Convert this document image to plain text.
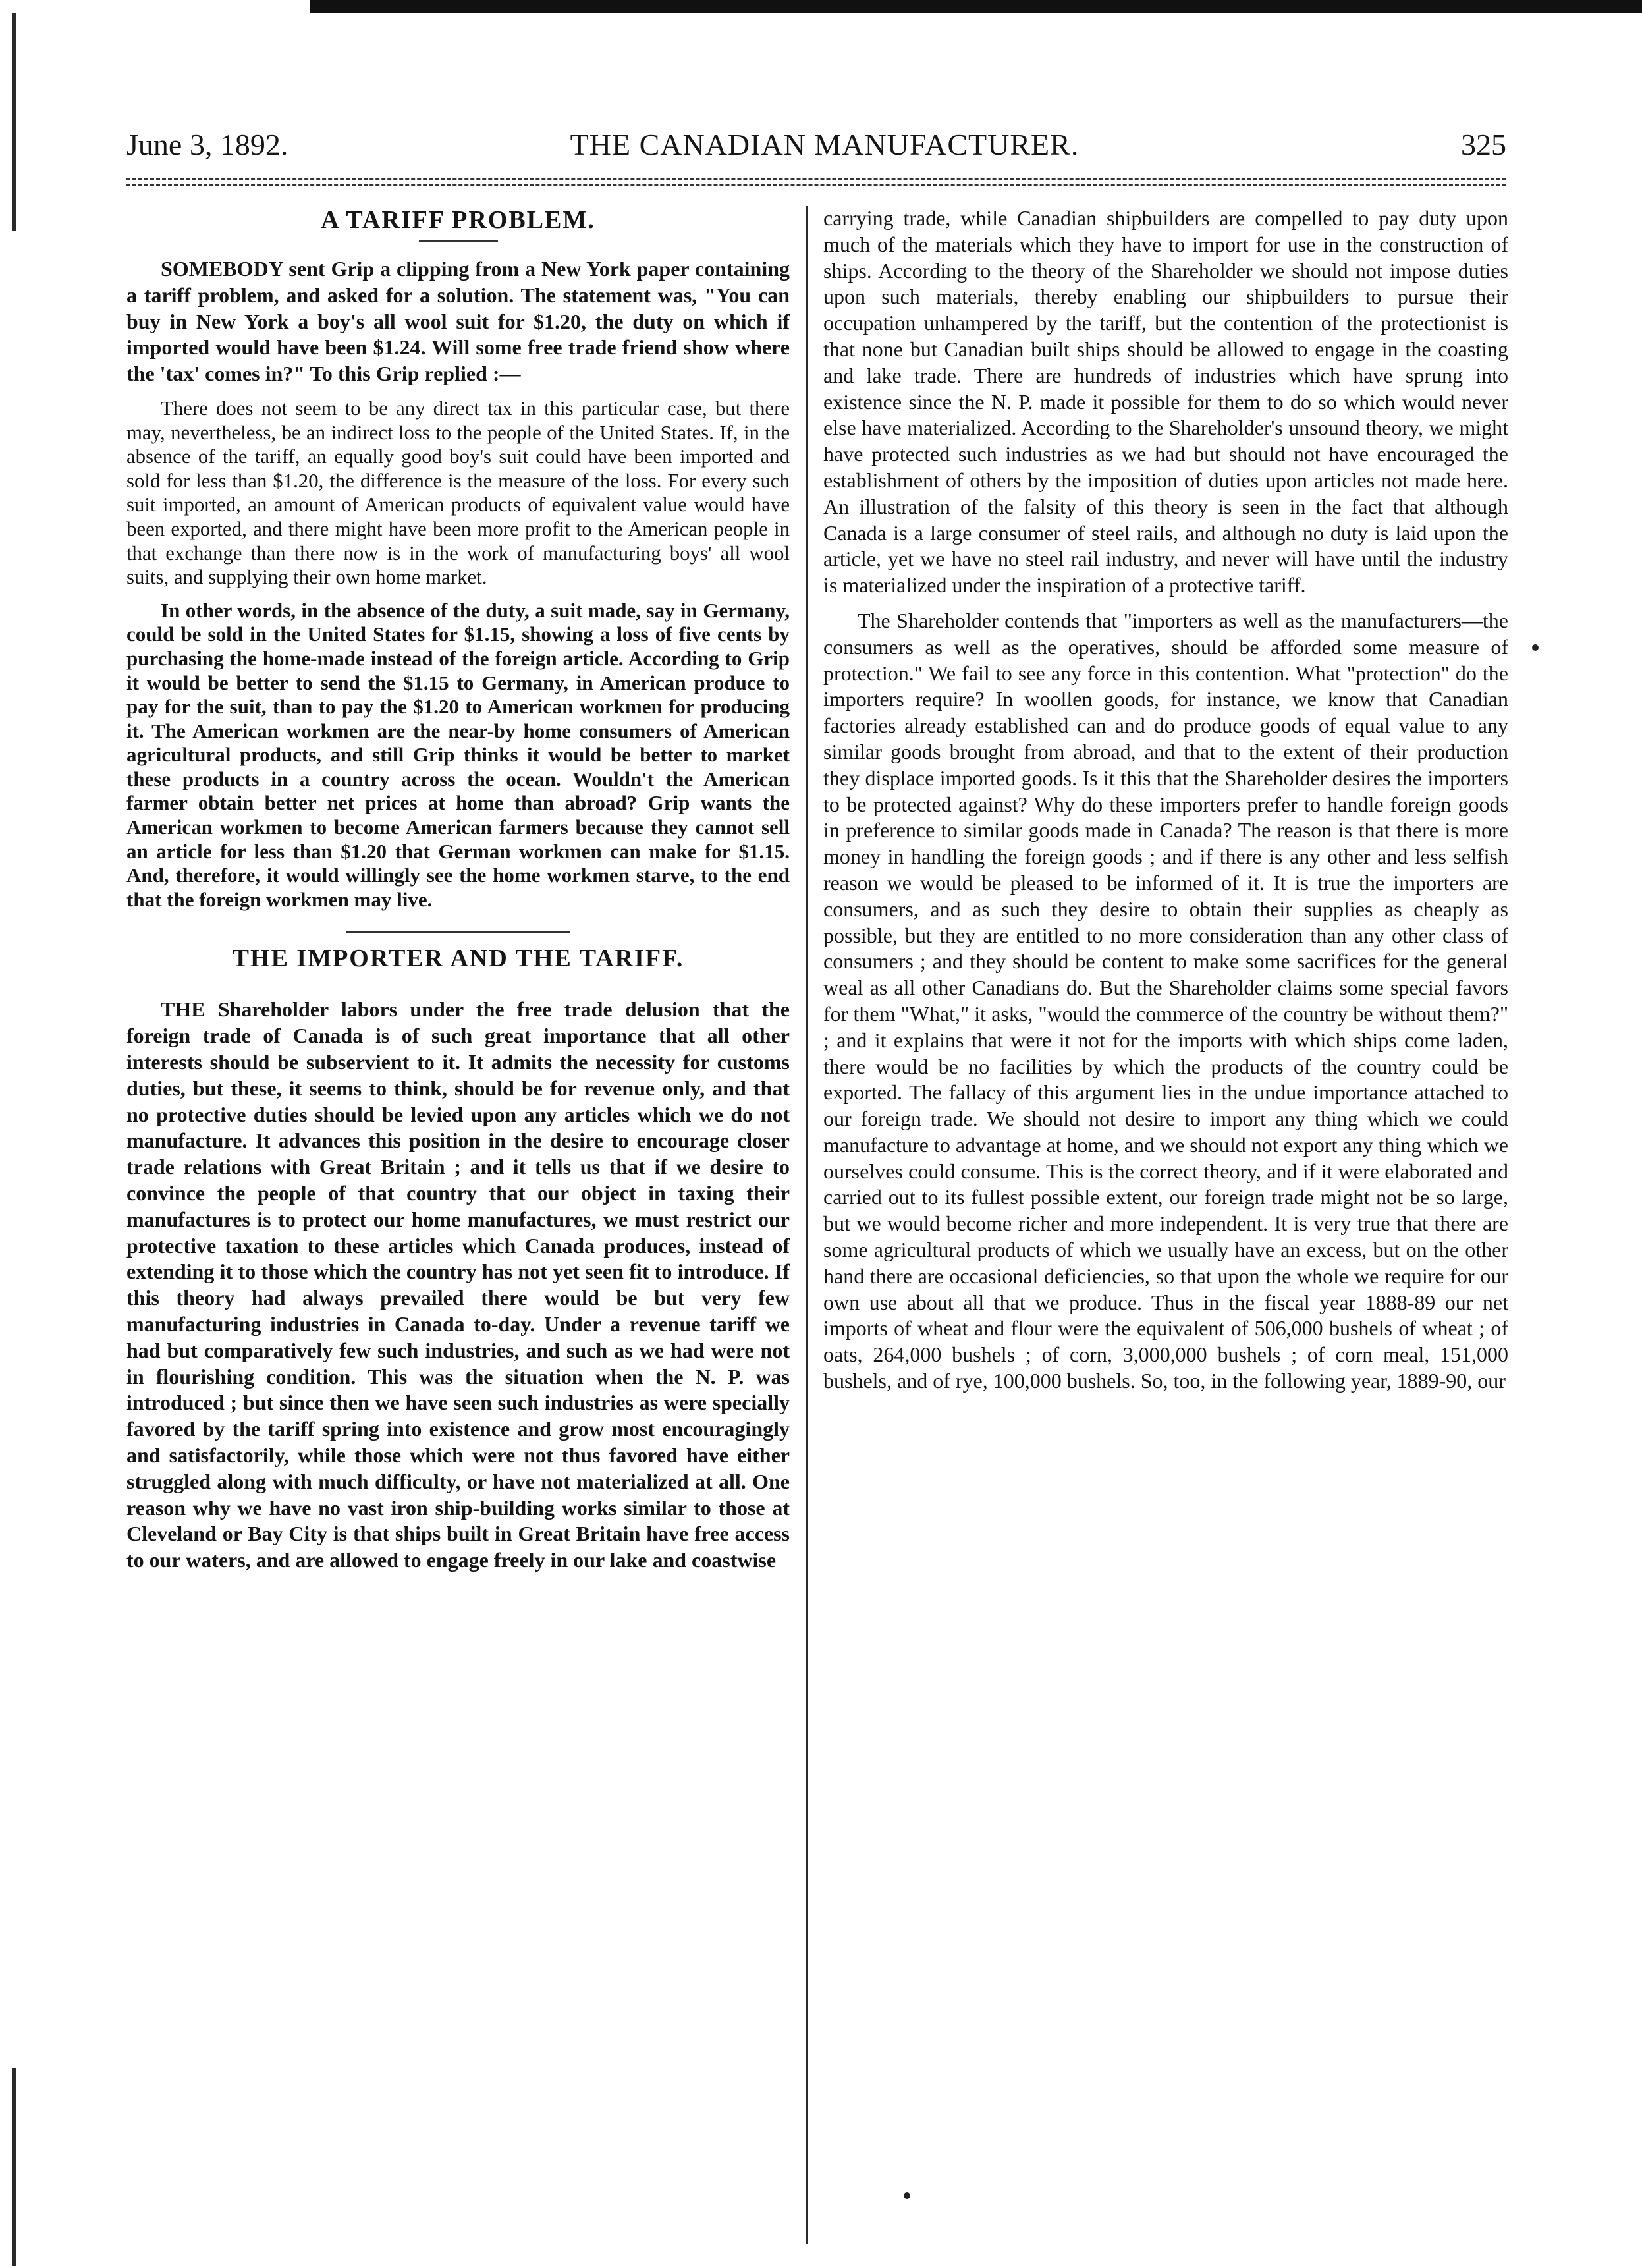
June 3, 1892.	THE CANADIAN MANUFACTURER.	325
A TARIFF PROBLEM.

SOMEBODY sent Grip a clipping from a New York paper containing a tariff problem, and asked for a solution. The statement was, "You can buy in New York a boy's all wool suit for $1.20, the duty on which if imported would have been $1.24. Will some free trade friend show where the 'tax' comes in?" To this Grip replied :—

There does not seem to be any direct tax in this particular case, but there may, nevertheless, be an indirect loss to the people of the United States. If, in the absence of the tariff, an equally good boy's suit could have been imported and sold for less than $1.20, the difference is the measure of the loss. For every such suit imported, an amount of American products of equivalent value would have been exported, and there might have been more profit to the American people in that exchange than there now is in the work of manufacturing boys' all wool suits, and supplying their own home market.

In other words, in the absence of the duty, a suit made, say in Germany, could be sold in the United States for $1.15, showing a loss of five cents by purchasing the home-made instead of the foreign article. According to Grip it would be better to send the $1.15 to Germany, in American produce to pay for the suit, than to pay the $1.20 to American workmen for producing it. The American workmen are the near-by home consumers of American agricultural products, and still Grip thinks it would be better to market these products in a country across the ocean. Wouldn't the American farmer obtain better net prices at home than abroad? Grip wants the American workmen to become American farmers because they cannot sell an article for less than $1.20 that German workmen can make for $1.15. And, therefore, it would willingly see the home workmen starve, to the end that the foreign workmen may live.

THE IMPORTER AND THE TARIFF.

THE Shareholder labors under the free trade delusion that the foreign trade of Canada is of such great importance that all other interests should be subservient to it. It admits the necessity for customs duties, but these, it seems to think, should be for revenue only, and that no protective duties should be levied upon any articles which we do not manufacture. It advances this position in the desire to encourage closer trade relations with Great Britain ; and it tells us that if we desire to convince the people of that country that our object in taxing their manufactures is to protect our home manufactures, we must restrict our protective taxation to these articles which Canada produces, instead of extending it to those which the country has not yet seen fit to introduce. If this theory had always prevailed there would be but very few manufacturing industries in Canada to-day. Under a revenue tariff we had but comparatively few such industries, and such as we had were not in flourishing condition. This was the situation when the N. P. was introduced ; but since then we have seen such industries as were specially favored by the tariff spring into existence and grow most encouragingly and satisfactorily, while those which were not thus favored have either struggled along with much difficulty, or have not materialized at all. One reason why we have no vast iron ship-building works similar to those at Cleveland or Bay City is that ships built in Great Britain have free access to our waters, and are allowed to engage freely in our lake and coastwise

carrying trade, while Canadian shipbuilders are compelled to pay duty upon much of the materials which they have to import for use in the construction of ships. According to the theory of the Shareholder we should not impose duties upon such materials, thereby enabling our shipbuilders to pursue their occupation unhampered by the tariff, but the contention of the protectionist is that none but Canadian built ships should be allowed to engage in the coasting and lake trade. There are hundreds of industries which have sprung into existence since the N. P. made it possible for them to do so which would never else have materialized. According to the Shareholder's unsound theory, we might have protected such industries as we had but should not have encouraged the establishment of others by the imposition of duties upon articles not made here. An illustration of the falsity of this theory is seen in the fact that although Canada is a large consumer of steel rails, and although no duty is laid upon the article, yet we have no steel rail industry, and never will have until the industry is materialized under the inspiration of a protective tariff.

The Shareholder contends that "importers as well as the manufacturers—the consumers as well as the operatives, should be afforded some measure of protection." We fail to see any force in this contention. What "protection" do the importers require? In woollen goods, for instance, we know that Canadian factories already established can and do produce goods of equal value to any similar goods brought from abroad, and that to the extent of their production they displace imported goods. Is it this that the Shareholder desires the importers to be protected against? Why do these importers prefer to handle foreign goods in preference to similar goods made in Canada? The reason is that there is more money in handling the foreign goods ; and if there is any other and less selfish reason we would be pleased to be informed of it. It is true the importers are consumers, and as such they desire to obtain their supplies as cheaply as possible, but they are entitled to no more consideration than any other class of consumers ; and they should be content to make some sacrifices for the general weal as all other Canadians do. But the Shareholder claims some special favors for them "What," it asks, "would the commerce of the country be without them?" ; and it explains that were it not for the imports with which ships come laden, there would be no facilities by which the products of the country could be exported. The fallacy of this argument lies in the undue importance attached to our foreign trade. We should not desire to import any thing which we could manufacture to advantage at home, and we should not export any thing which we ourselves could consume. This is the correct theory, and if it were elaborated and carried out to its fullest possible extent, our foreign trade might not be so large, but we would become richer and more independent. It is very true that there are some agricultural products of which we usually have an excess, but on the other hand there are occasional deficiencies, so that upon the whole we require for our own use about all that we produce. Thus in the fiscal year 1888-89 our net imports of wheat and flour were the equivalent of 506,000 bushels of wheat ; of oats, 264,000 bushels ; of corn, 3,000,000 bushels ; of corn meal, 151,000 bushels, and of rye, 100,000 bushels. So, too, in the following year, 1889-90, our
